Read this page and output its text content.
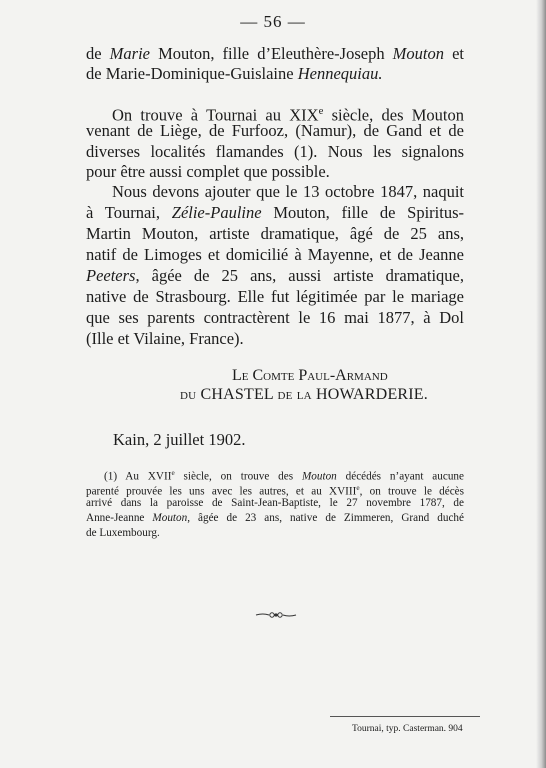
— 56 —
de Marie Mouton, fille d’Eleuthère-Joseph Mouton et
de Marie-Dominique-Guislaine Hennequiau.
On trouve à Tournai au XIXe siècle, des Mouton
venant de Liège, de Furfooz, (Namur), de Gand et de
diverses localités flamandes (1). Nous les signalons
pour être aussi complet que possible.
Nous devons ajouter que le 13 octobre 1847, naquit
à Tournai, Zélie-Pauline Mouton, fille de Spiritus-
Martin Mouton, artiste dramatique, âgé de 25 ans,
natif de Limoges et domicilié à Mayenne, et de Jeanne
Peeters, âgée de 25 ans, aussi artiste dramatique,
native de Strasbourg. Elle fut légitimée par le mariage
que ses parents contractèrent le 16 mai 1877, à Dol
(Ille et Vilaine, France).
Le Comte Paul-Armand
du CHASTEL de la HOWARDERIE.
Kain, 2 juillet 1902.
(1) Au XVIIe siècle, on trouve des Mouton décédés n’ayant aucune
parenté prouvée les uns avec les autres, et au XVIIIe, on trouve le décès
arrivé dans la paroisse de Saint-Jean-Baptiste, le 27 novembre 1787, de
Anne-Jeanne Mouton, âgée de 23 ans, native de Zimmeren, Grand duché
de Luxembourg.
Tournai, typ. Casterman. 904
